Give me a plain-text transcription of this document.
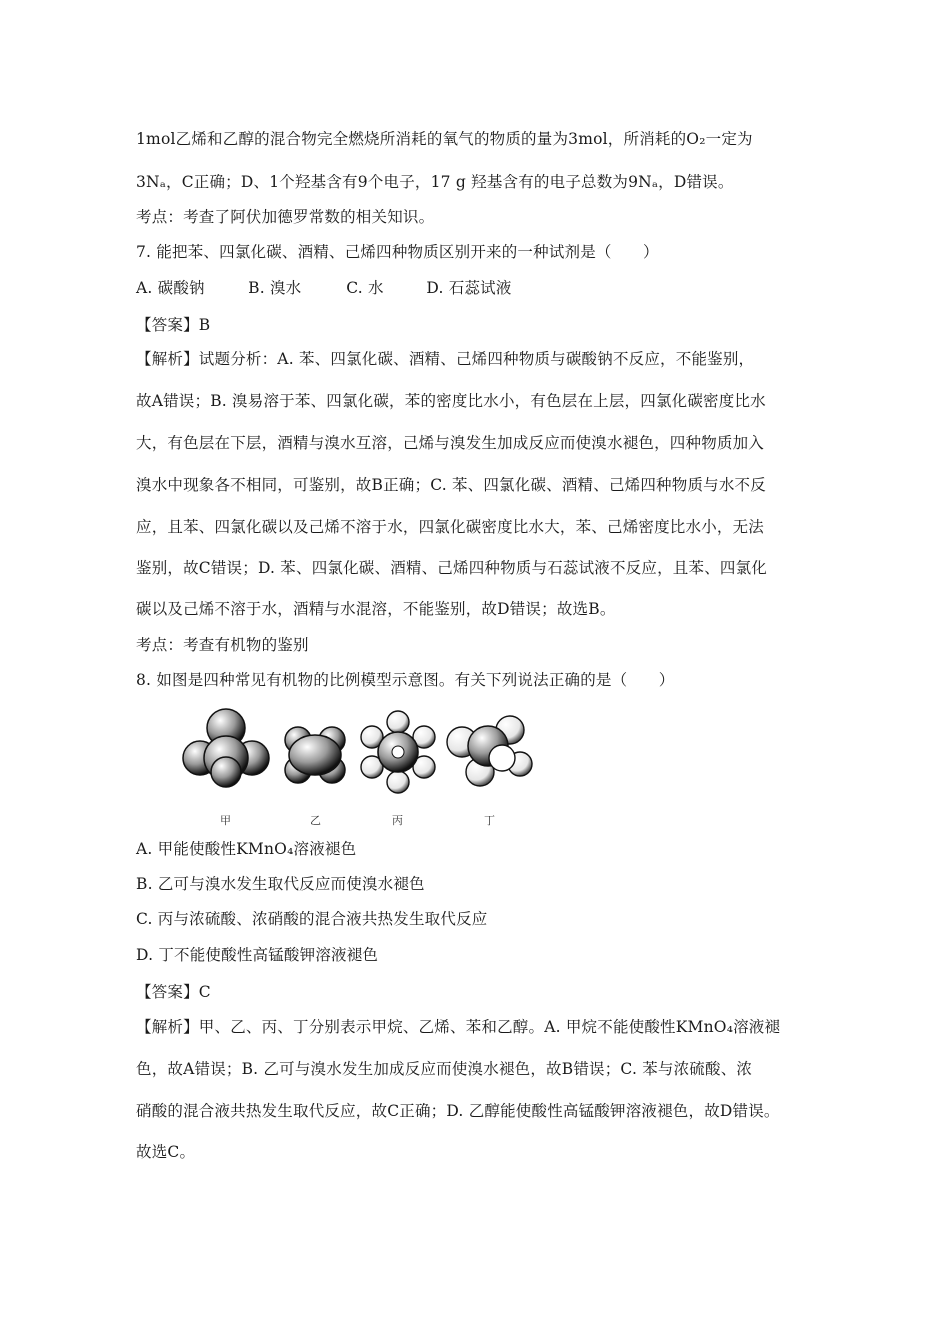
1mol乙烯和乙醇的混合物完全燃烧所消耗的氧气的物质的量为3mol，所消耗的O₂一定为
3Nₐ，C正确；D、1个羟基含有9个电子，17 g 羟基含有的电子总数为9Nₐ，D错误。
考点：考查了阿伏加德罗常数的相关知识。
7. 能把苯、四氯化碳、酒精、己烯四种物质区别开来的一种试剂是（　　）
A. 碳酸钠	B. 溴水	C. 水	D. 石蕊试液
【答案】B
【解析】试题分析：A. 苯、四氯化碳、酒精、己烯四种物质与碳酸钠不反应，不能鉴别，
故A错误；B. 溴易溶于苯、四氯化碳，苯的密度比水小，有色层在上层，四氯化碳密度比水
大，有色层在下层，酒精与溴水互溶，己烯与溴发生加成反应而使溴水褪色，四种物质加入
溴水中现象各不相同，可鉴别，故B正确；C. 苯、四氯化碳、酒精、己烯四种物质与水不反
应，且苯、四氯化碳以及己烯不溶于水，四氯化碳密度比水大，苯、己烯密度比水小，无法
鉴别，故C错误；D. 苯、四氯化碳、酒精、己烯四种物质与石蕊试液不反应，且苯、四氯化
碳以及己烯不溶于水，酒精与水混溶，不能鉴别，故D错误；故选B。
考点：考查有机物的鉴别
8. 如图是四种常见有机物的比例模型示意图。有关下列说法正确的是（　　）
甲	乙	丙	丁
A. 甲能使酸性KMnO₄溶液褪色
B. 乙可与溴水发生取代反应而使溴水褪色
C. 丙与浓硫酸、浓硝酸的混合液共热发生取代反应
D. 丁不能使酸性高锰酸钾溶液褪色
【答案】C
【解析】甲、乙、丙、丁分别表示甲烷、乙烯、苯和乙醇。A. 甲烷不能使酸性KMnO₄溶液褪
色，故A错误；B. 乙可与溴水发生加成反应而使溴水褪色，故B错误；C. 苯与浓硫酸、浓
硝酸的混合液共热发生取代反应，故C正确；D. 乙醇能使酸性高锰酸钾溶液褪色，故D错误。
故选C。
